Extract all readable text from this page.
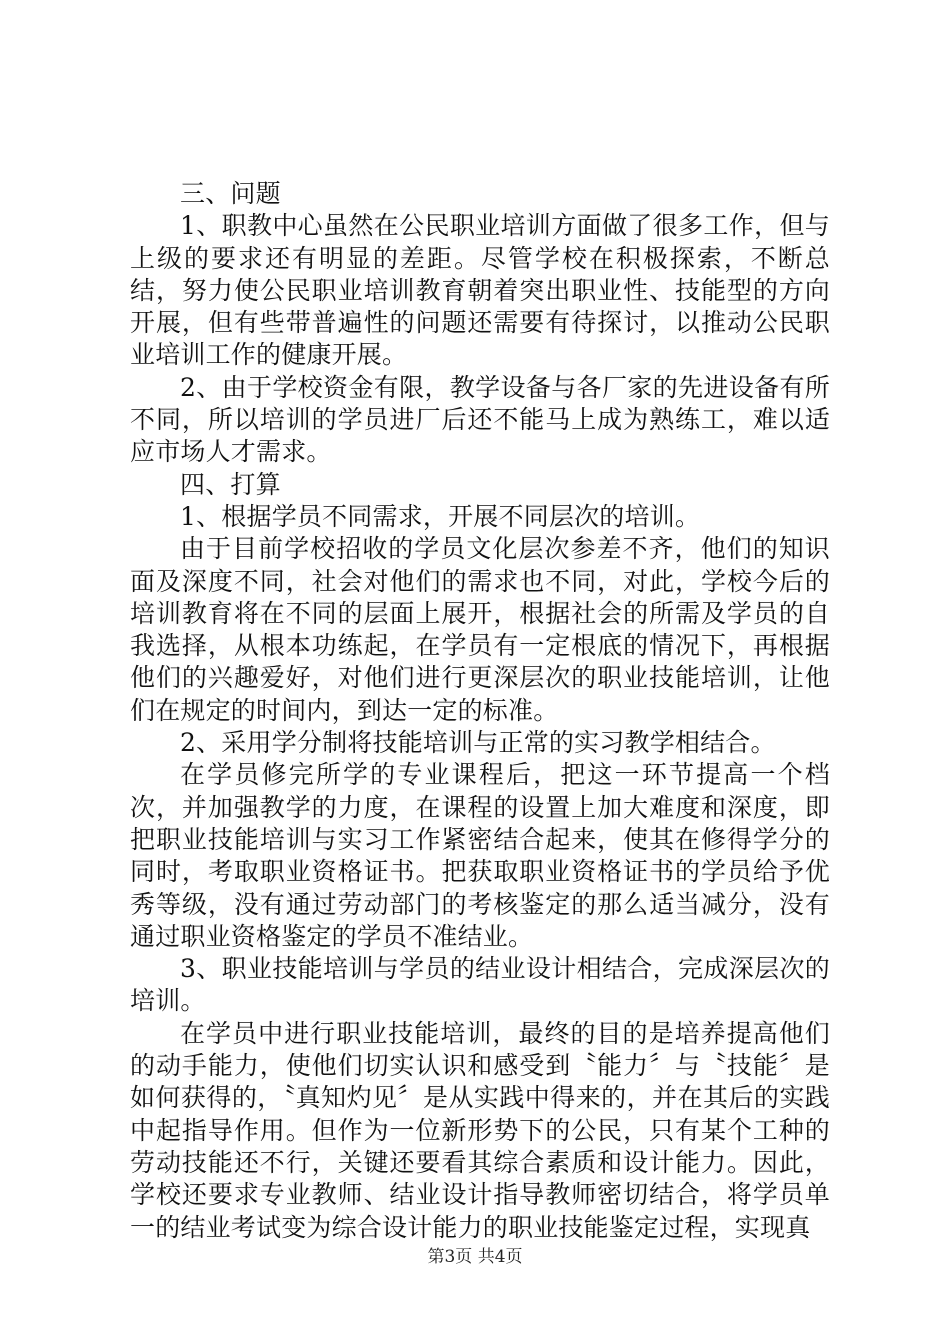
三、问题

1、职教中心虽然在公民职业培训方面做了很多工作，但与上级的要求还有明显的差距。尽管学校在积极探索，不断总结，努力使公民职业培训教育朝着突出职业性、技能型的方向开展，但有些带普遍性的问题还需要有待探讨，以推动公民职业培训工作的健康开展。

2、由于学校资金有限，教学设备与各厂家的先进设备有所不同，所以培训的学员进厂后还不能马上成为熟练工，难以适应市场人才需求。

四、打算

1、根据学员不同需求，开展不同层次的培训。

由于目前学校招收的学员文化层次参差不齐，他们的知识面及深度不同，社会对他们的需求也不同，对此，学校今后的培训教育将在不同的层面上展开，根据社会的所需及学员的自我选择，从根本功练起，在学员有一定根底的情况下，再根据他们的兴趣爱好，对他们进行更深层次的职业技能培训，让他们在规定的时间内，到达一定的标准。

2、采用学分制将技能培训与正常的实习教学相结合。

在学员修完所学的专业课程后，把这一环节提高一个档次，并加强教学的力度，在课程的设置上加大难度和深度，即把职业技能培训与实习工作紧密结合起来，使其在修得学分的同时，考取职业资格证书。把获取职业资格证书的学员给予优秀等级，没有通过劳动部门的考核鉴定的那么适当减分，没有通过职业资格鉴定的学员不准结业。

3、职业技能培训与学员的结业设计相结合，完成深层次的培训。

在学员中进行职业技能培训，最终的目的是培养提高他们的动手能力，使他们切实认识和感受到〝能力〞与〝技能〞是如何获得的，〝真知灼见〞是从实践中得来的，并在其后的实践中起指导作用。但作为一位新形势下的公民，只有某个工种的劳动技能还不行，关键还要看其综合素质和设计能力。因此，学校还要求专业教师、结业设计指导教师密切结合，将学员单一的结业考试变为综合设计能力的职业技能鉴定过程，实现真

第3页 共4页
